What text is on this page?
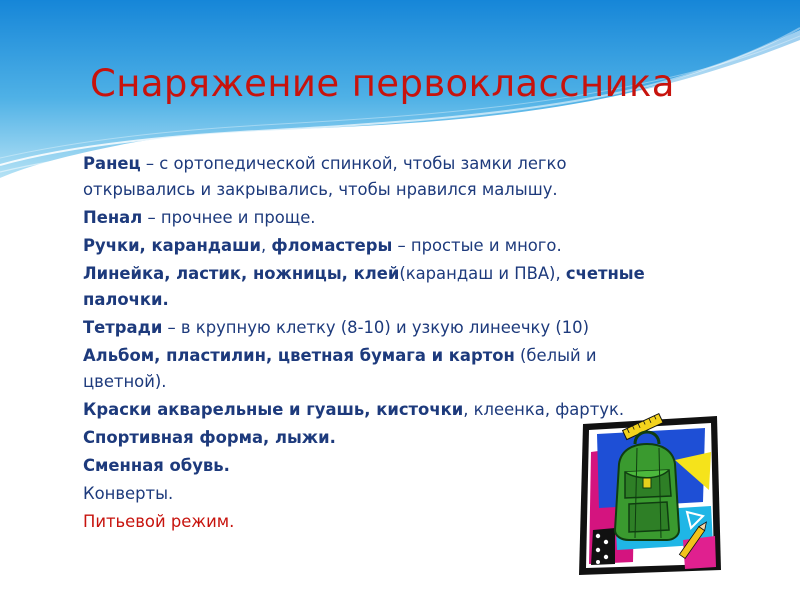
Снаряжение первоклассника
Ранец – с ортопедической спинкой, чтобы замки легко открывались и закрывались, чтобы нравился малышу.
Пенал – прочнее и проще.
Ручки, карандаши, фломастеры – простые и много.
Линейка, ластик, ножницы, клей(карандаш и ПВА), счетные палочки.
Тетради – в крупную клетку (8-10) и узкую линеечку (10)
Альбом, пластилин, цветная бумага и картон (белый и цветной).
Краски акварельные и гуашь, кисточки, клеенка, фартук.
Спортивная форма, лыжи.
Сменная обувь.
Конверты.
Питьевой режим.
